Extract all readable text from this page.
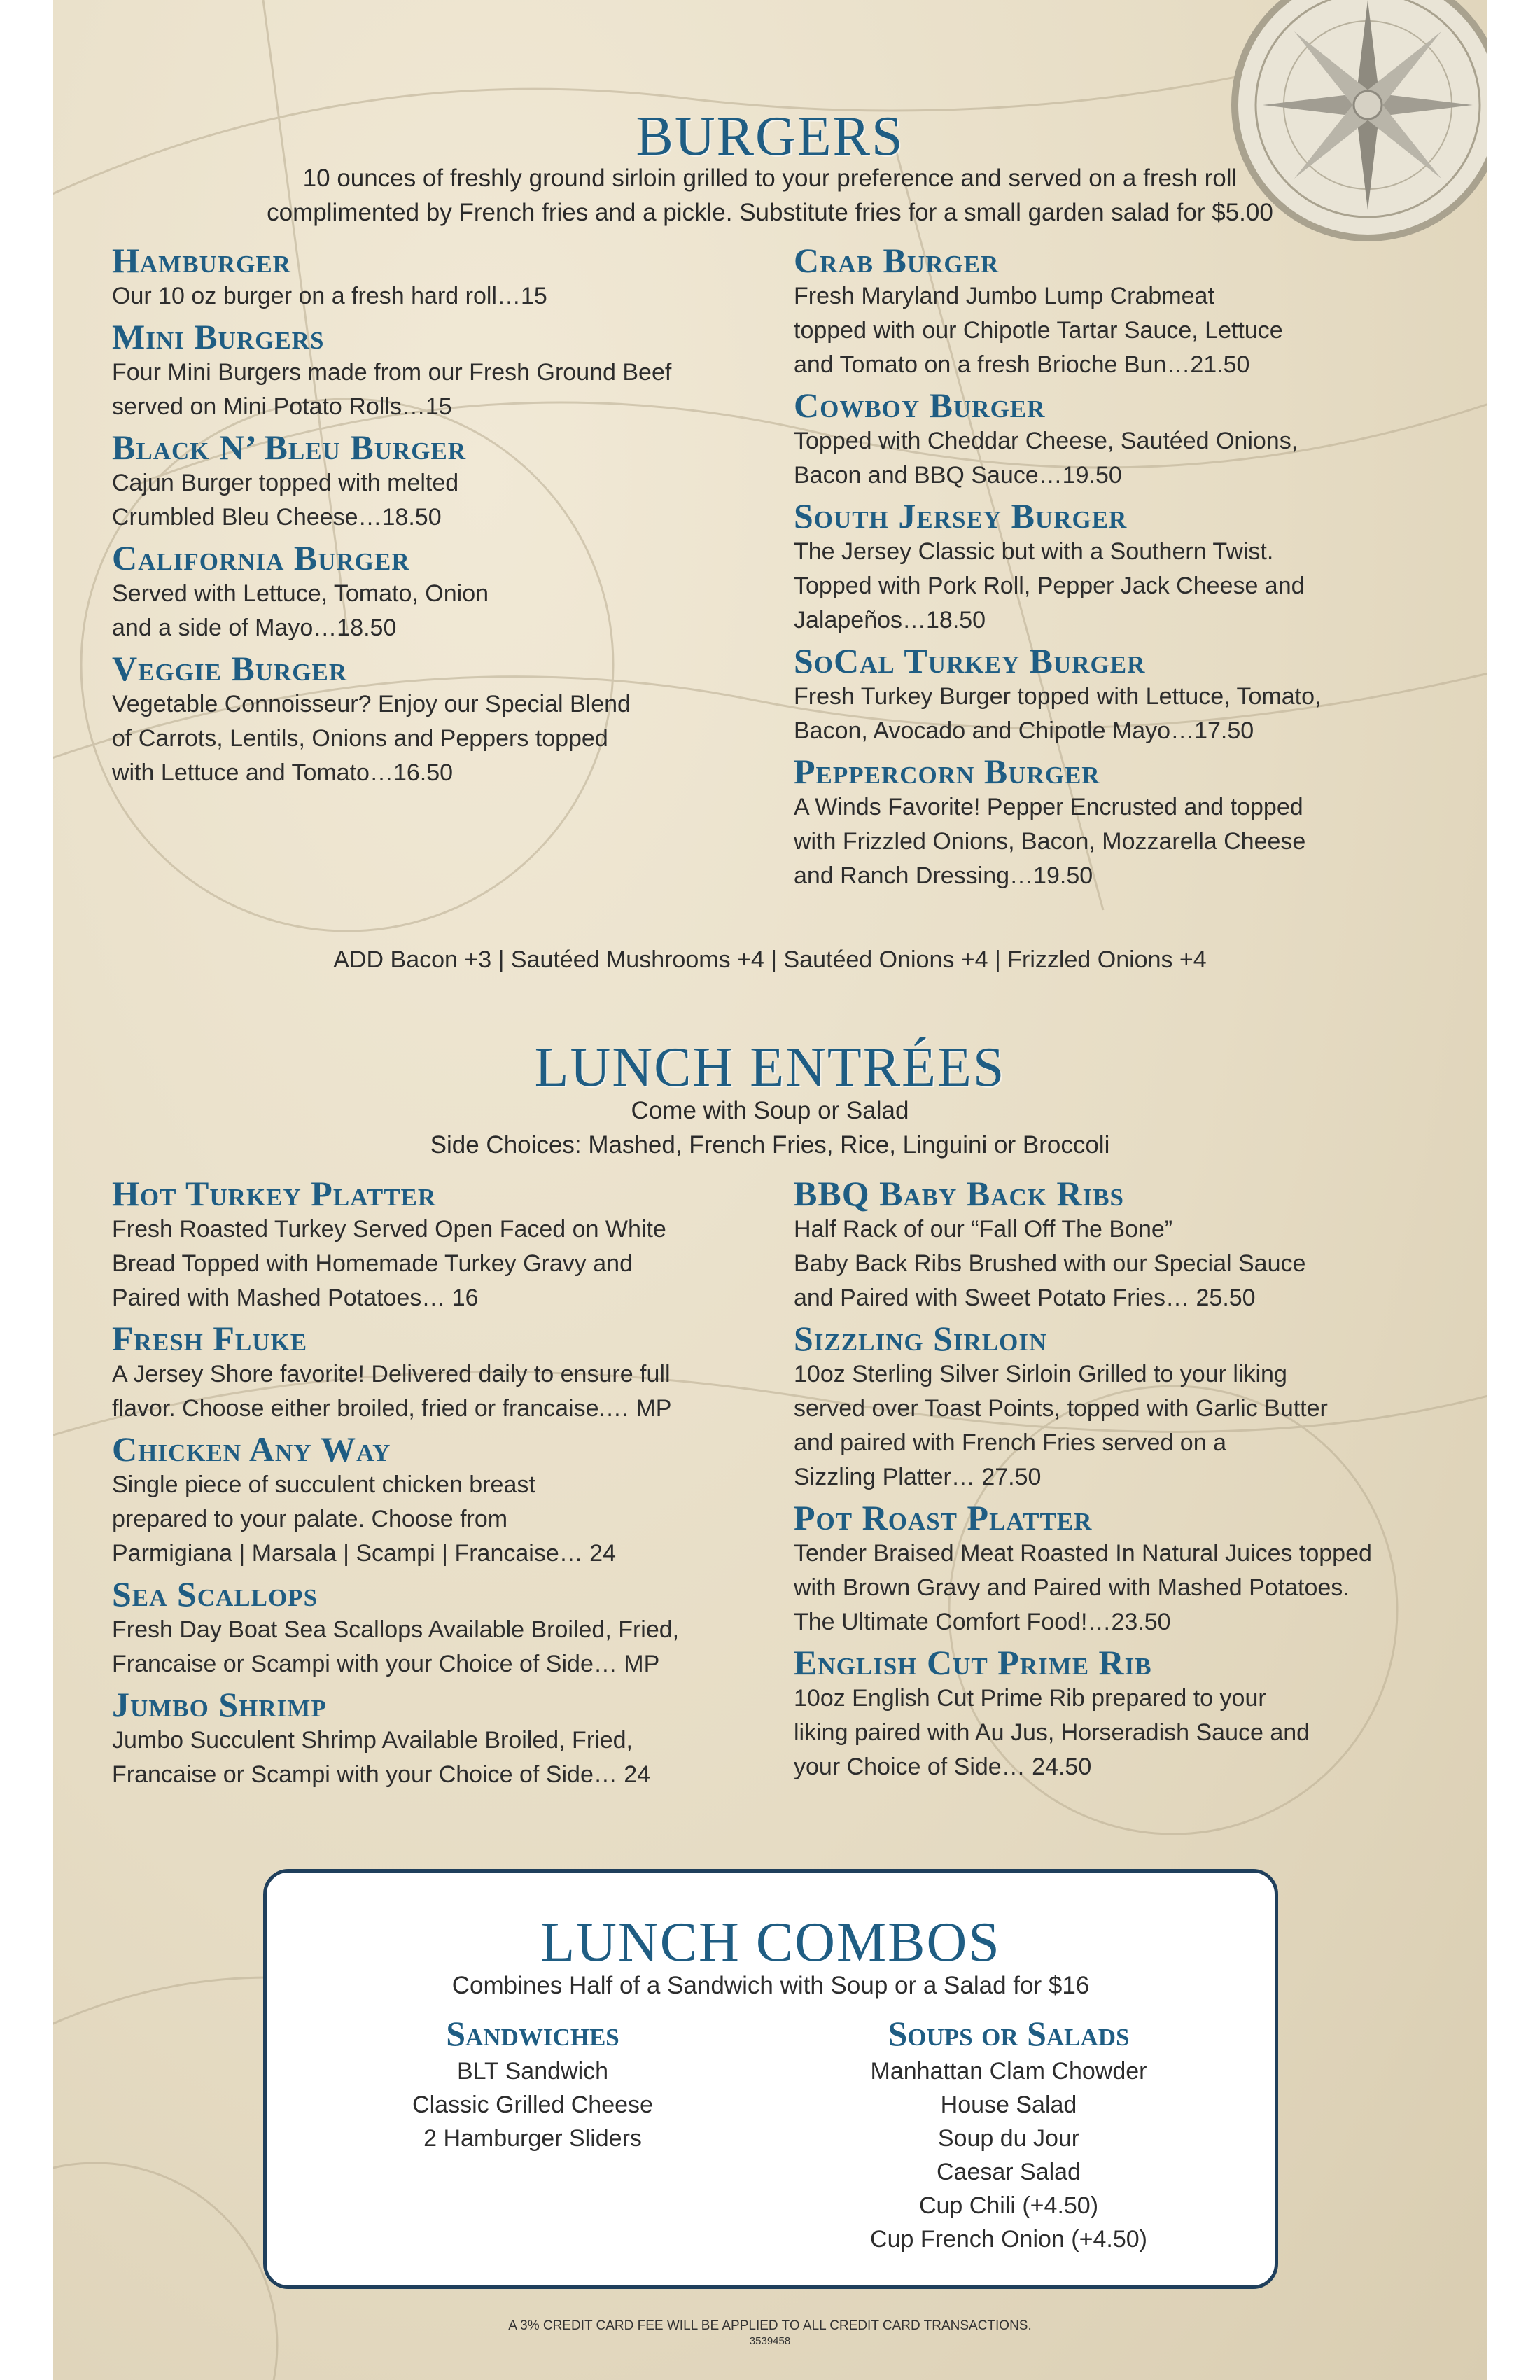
BURGERS
10 ounces of freshly ground sirloin grilled to your preference and served on a fresh roll
complimented by French fries and a pickle. Substitute fries for a small garden salad for $5.00
Hamburger
Our 10 oz burger on a fresh hard roll…15
Mini Burgers
Four Mini Burgers made from our Fresh Ground Beef
served on Mini Potato Rolls…15
Black N’ Bleu Burger
Cajun Burger topped with melted
Crumbled Bleu Cheese…18.50
California Burger
Served with Lettuce, Tomato, Onion
and a side of Mayo…18.50
Veggie Burger
Vegetable Connoisseur? Enjoy our Special Blend
of Carrots, Lentils, Onions and Peppers topped
with Lettuce and Tomato…16.50
Crab Burger
Fresh Maryland Jumbo Lump Crabmeat
topped with our Chipotle Tartar Sauce, Lettuce
and Tomato on a fresh Brioche Bun…21.50
Cowboy Burger
Topped with Cheddar Cheese, Sautéed Onions,
Bacon and BBQ Sauce…19.50
South Jersey Burger
The Jersey Classic but with a Southern Twist.
Topped with Pork Roll, Pepper Jack Cheese and
Jalapeños…18.50
SoCal Turkey Burger
Fresh Turkey Burger topped with Lettuce, Tomato,
Bacon, Avocado and Chipotle Mayo…17.50
Peppercorn Burger
A Winds Favorite! Pepper Encrusted and topped
with Frizzled Onions, Bacon, Mozzarella Cheese
and Ranch Dressing…19.50
ADD Bacon +3 | Sautéed Mushrooms +4 | Sautéed Onions +4 | Frizzled Onions +4
LUNCH ENTRÉES
Come with Soup or Salad
Side Choices: Mashed, French Fries, Rice, Linguini or Broccoli
Hot Turkey Platter
Fresh Roasted Turkey Served Open Faced on White
Bread Topped with Homemade Turkey Gravy and
Paired with Mashed Potatoes… 16
Fresh Fluke
A Jersey Shore favorite! Delivered daily to ensure full
flavor. Choose either broiled, fried or francaise.… MP
Chicken Any Way
Single piece of succulent chicken breast
prepared to your palate. Choose from
Parmigiana | Marsala | Scampi | Francaise… 24
Sea Scallops
Fresh Day Boat Sea Scallops Available Broiled, Fried,
Francaise or Scampi with your Choice of Side… MP
Jumbo Shrimp
Jumbo Succulent Shrimp Available Broiled, Fried,
Francaise or Scampi with your Choice of Side… 24
BBQ Baby Back Ribs
Half Rack of our “Fall Off The Bone”
Baby Back Ribs Brushed with our Special Sauce
and Paired with Sweet Potato Fries… 25.50
Sizzling Sirloin
10oz Sterling Silver Sirloin Grilled to your liking
served over Toast Points, topped with Garlic Butter
and paired with French Fries served on a
Sizzling Platter… 27.50
Pot Roast Platter
Tender Braised Meat Roasted In Natural Juices topped
with Brown Gravy and Paired with Mashed Potatoes.
The Ultimate Comfort Food!…23.50
English Cut Prime Rib
10oz English Cut Prime Rib prepared to your
liking paired with Au Jus, Horseradish Sauce and
your Choice of Side… 24.50
LUNCH COMBOS
Combines Half of a Sandwich with Soup or a Salad for $16
Sandwiches
BLT Sandwich
Classic Grilled Cheese
2 Hamburger Sliders
Soups or Salads
Manhattan Clam Chowder
House Salad
Soup du Jour
Caesar Salad
Cup Chili (+4.50)
Cup French Onion (+4.50)
A 3% CREDIT CARD FEE WILL BE APPLIED TO ALL CREDIT CARD TRANSACTIONS.
3539458
